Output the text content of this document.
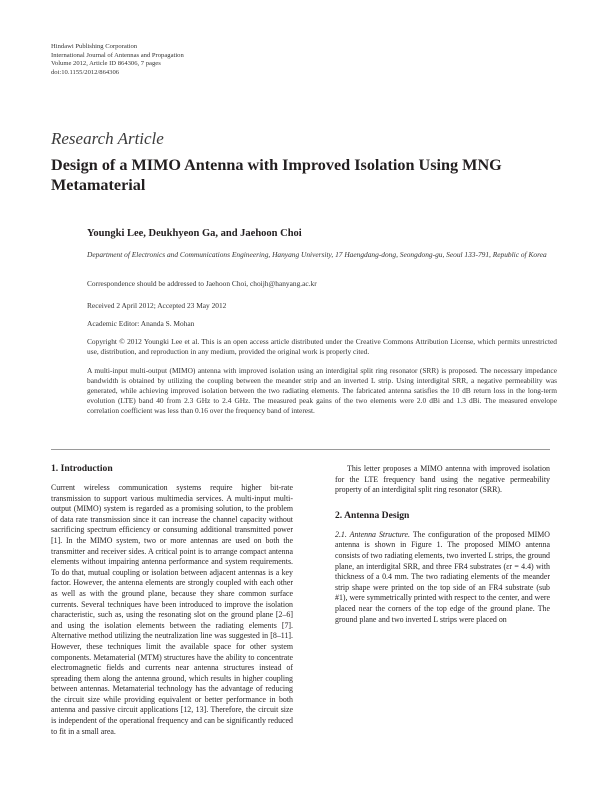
Hindawi Publishing Corporation
International Journal of Antennas and Propagation
Volume 2012, Article ID 864306, 7 pages
doi:10.1155/2012/864306
Research Article
Design of a MIMO Antenna with Improved Isolation Using MNG Metamaterial
Youngki Lee, Deukhyeon Ga, and Jaehoon Choi
Department of Electronics and Communications Engineering, Hanyang University, 17 Haengdang-dong, Seongdong-gu, Seoul 133-791, Republic of Korea
Correspondence should be addressed to Jaehoon Choi, choijh@hanyang.ac.kr
Received 2 April 2012; Accepted 23 May 2012
Academic Editor: Ananda S. Mohan
Copyright © 2012 Youngki Lee et al. This is an open access article distributed under the Creative Commons Attribution License, which permits unrestricted use, distribution, and reproduction in any medium, provided the original work is properly cited.
A multi-input multi-output (MIMO) antenna with improved isolation using an interdigital split ring resonator (SRR) is proposed. The necessary impedance bandwidth is obtained by utilizing the coupling between the meander strip and an inverted L strip. Using interdigital SRR, a negative permeability was generated, while achieving improved isolation between the two radiating elements. The fabricated antenna satisfies the 10 dB return loss in the long-term evolution (LTE) band 40 from 2.3 GHz to 2.4 GHz. The measured peak gains of the two elements were 2.0 dBi and 1.3 dBi. The measured envelope correlation coefficient was less than 0.16 over the frequency band of interest.
1. Introduction

Current wireless communication systems require higher bit-rate transmission to support various multimedia services. A multi-input multi-output (MIMO) system is regarded as a promising solution, to the problem of data rate transmission since it can increase the channel capacity without sacrificing spectrum efficiency or consuming additional transmitted power [1]. In the MIMO system, two or more antennas are used on both the transmitter and receiver sides. A critical point is to arrange compact antenna elements without impairing antenna performance and system requirements. To do that, mutual coupling or isolation between adjacent antennas is a key factor. However, the antenna elements are strongly coupled with each other as well as with the ground plane, because they share common surface currents. Several techniques have been introduced to improve the isolation characteristic, such as, using the resonating slot on the ground plane [2–6] and using the isolation elements between the radiating elements [7]. Alternative method utilizing the neutralization line was suggested in [8–11]. However, these techniques limit the available space for other system components. Metamaterial (MTM) structures have the ability to concentrate electromagnetic fields and currents near antenna structures instead of spreading them along the antenna ground, which results in higher coupling between antennas. Metamaterial technology has the advantage of reducing the circuit size while providing equivalent or better performance in both antenna and passive circuit applications [12, 13]. Therefore, the circuit size is independent of the operational frequency and can be significantly reduced to fit in a small area.

This letter proposes a MIMO antenna with improved isolation for the LTE frequency band using the negative permeability property of an interdigital split ring resonator (SRR).

2. Antenna Design

2.1. Antenna Structure. The configuration of the proposed MIMO antenna is shown in Figure 1. The proposed MIMO antenna consists of two radiating elements, two inverted L strips, the ground plane, an interdigital SRR, and three FR4 substrates (εr = 4.4) with thickness of a 0.4 mm. The two radiating elements of the meander strip shape were printed on the top side of an FR4 substrate (sub #1), were symmetrically printed with respect to the center, and were placed near the corners of the top edge of the ground plane. The ground plane and two inverted L strips were placed on
